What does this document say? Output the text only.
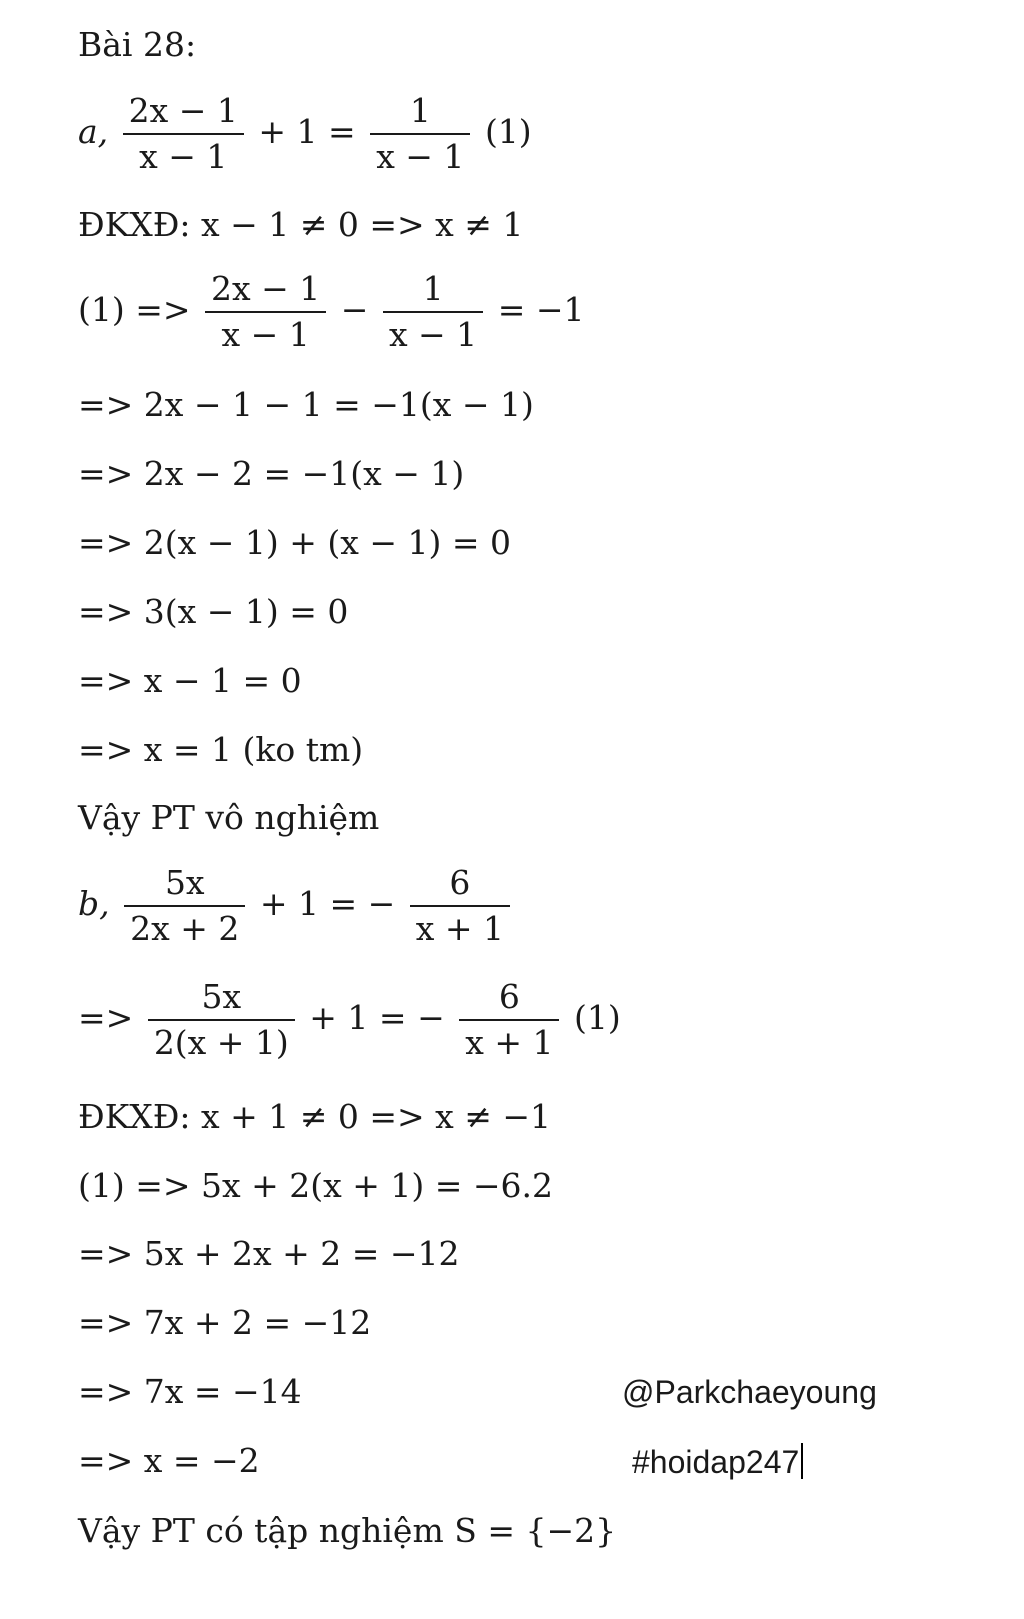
Bài 28:
a, $\frac{2x - 1}{x - 1} + 1 = \frac{1}{x - 1} (1)$
ĐKXĐ: x − 1 ≠ 0 => x ≠ 1
$(1) => \frac{2x - 1}{x - 1} - \frac{1}{x - 1} = -1$
=> 2x − 1 − 1 = −1(x − 1)
=> 2x − 2 = −1(x − 1)
=> 2(x − 1) + (x − 1) = 0
=> 3(x − 1) = 0
=> x − 1 = 0
=> x = 1 (ko tm)
Vậy PT vô nghiệm
b, $\frac{5x}{2x + 2} + 1$ = − $\frac{6}{x + 1}$
=> $\frac{5x}{2(x + 1)} + 1$ = − $\frac{6}{x + 1} (1)$
ĐKXĐ: x + 1 ≠ 0 => x ≠ −1
(1) => 5x + 2(x + 1) = −6.2
=> 5x + 2x + 2 = −12
=> 7x + 2 = −12
=> 7x = −14
=> x = −2
Vậy PT có tập nghiệm S = {−2}
@Parkchaeyoung
#hoidap247
